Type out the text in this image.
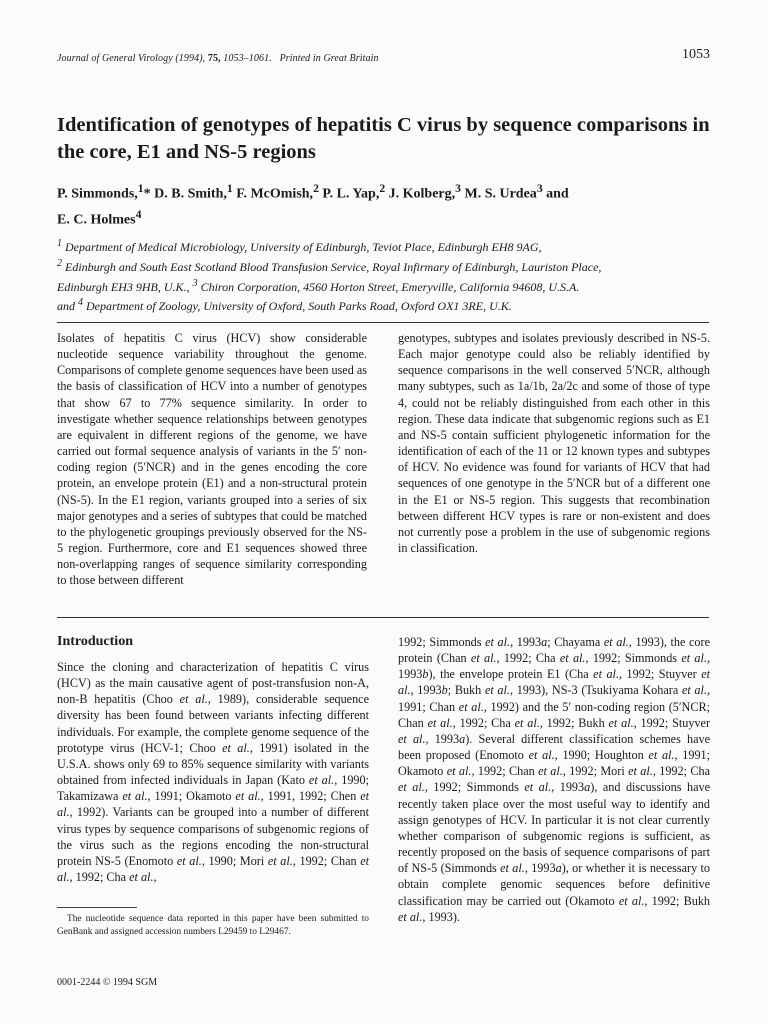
Journal of General Virology (1994), 75, 1053–1061. Printed in Great Britain	1053
Identification of genotypes of hepatitis C virus by sequence comparisons in the core, E1 and NS-5 regions
P. Simmonds,$^1$* D. B. Smith,$^1$ F. McOmish,$^2$ P. L. Yap,$^2$ J. Kolberg,$^3$ M. S. Urdea$^3$ and
E. C. Holmes$^4$
$^1$ Department of Medical Microbiology, University of Edinburgh, Teviot Place, Edinburgh EH8 9AG,
$^2$ Edinburgh and South East Scotland Blood Transfusion Service, Royal Infirmary of Edinburgh, Lauriston Place,
Edinburgh EH3 9HB, U.K., $^3$ Chiron Corporation, 4560 Horton Street, Emeryville, California 94608, U.S.A.
and $^4$ Department of Zoology, University of Oxford, South Parks Road, Oxford OX1 3RE, U.K.
Isolates of hepatitis C virus (HCV) show considerable nucleotide sequence variability throughout the genome. Comparisons of complete genome sequences have been used as the basis of classification of HCV into a number of genotypes that show 67 to 77% sequence similarity. In order to investigate whether sequence relationships between genotypes are equivalent in different regions of the genome, we have carried out formal sequence analysis of variants in the 5′ non-coding region (5′NCR) and in the genes encoding the core protein, an envelope protein (E1) and a non-structural protein (NS-5). In the E1 region, variants grouped into a series of six major genotypes and a series of subtypes that could be matched to the phylogenetic groupings previously observed for the NS-5 region. Furthermore, core and E1 sequences showed three non-overlapping ranges of sequence similarity corresponding to those between different
genotypes, subtypes and isolates previously described in NS-5. Each major genotype could also be reliably identified by sequence comparisons in the well conserved 5′NCR, although many subtypes, such as 1a/1b, 2a/2c and some of those of type 4, could not be reliably distinguished from each other in this region. These data indicate that subgenomic regions such as E1 and NS-5 contain sufficient phylogenetic information for the identification of each of the 11 or 12 known types and subtypes of HCV. No evidence was found for variants of HCV that had sequences of one genotype in the 5′NCR but of a different one in the E1 or NS-5 region. This suggests that recombination between different HCV types is rare or non-existent and does not currently pose a problem in the use of subgenomic regions in classification.
Introduction
Since the cloning and characterization of hepatitis C virus (HCV) as the main causative agent of post-transfusion non-A, non-B hepatitis (Choo et al., 1989), considerable sequence diversity has been found between variants infecting different individuals. For example, the complete genome sequence of the prototype virus (HCV-1; Choo et al., 1991) isolated in the U.S.A. shows only 69 to 85% sequence similarity with variants obtained from infected individuals in Japan (Kato et al., 1990; Takamizawa et al., 1991; Okamoto et al., 1991, 1992; Chen et al., 1992). Variants can be grouped into a number of different virus types by sequence comparisons of subgenomic regions of the virus such as the regions encoding the non-structural protein NS-5 (Enomoto et al., 1990; Mori et al., 1992; Chan et al., 1992; Cha et al.,
1992; Simmonds et al., 1993a; Chayama et al., 1993), the core protein (Chan et al., 1992; Cha et al., 1992; Simmonds et al., 1993b), the envelope protein E1 (Cha et al., 1992; Stuyver et al., 1993b; Bukh et al., 1993), NS-3 (Tsukiyama Kohara et al., 1991; Chan et al., 1992) and the 5′ non-coding region (5′NCR; Chan et al., 1992; Cha et al., 1992; Bukh et al., 1992; Stuyver et al., 1993a). Several different classification schemes have been proposed (Enomoto et al., 1990; Houghton et al., 1991; Okamoto et al., 1992; Chan et al., 1992; Mori et al., 1992; Cha et al., 1992; Simmonds et al., 1993a), and discussions have recently taken place over the most useful way to identify and assign genotypes of HCV. In particular it is not clear currently whether comparison of subgenomic regions is sufficient, as recently proposed on the basis of sequence comparisons of part of NS-5 (Simmonds et al., 1993a), or whether it is necessary to obtain complete genomic sequences before definitive classification may be carried out (Okamoto et al., 1992; Bukh et al., 1993).
The nucleotide sequence data reported in this paper have been submitted to GenBank and assigned accession numbers L29459 to L29467.
0001-2244 © 1994 SGM
